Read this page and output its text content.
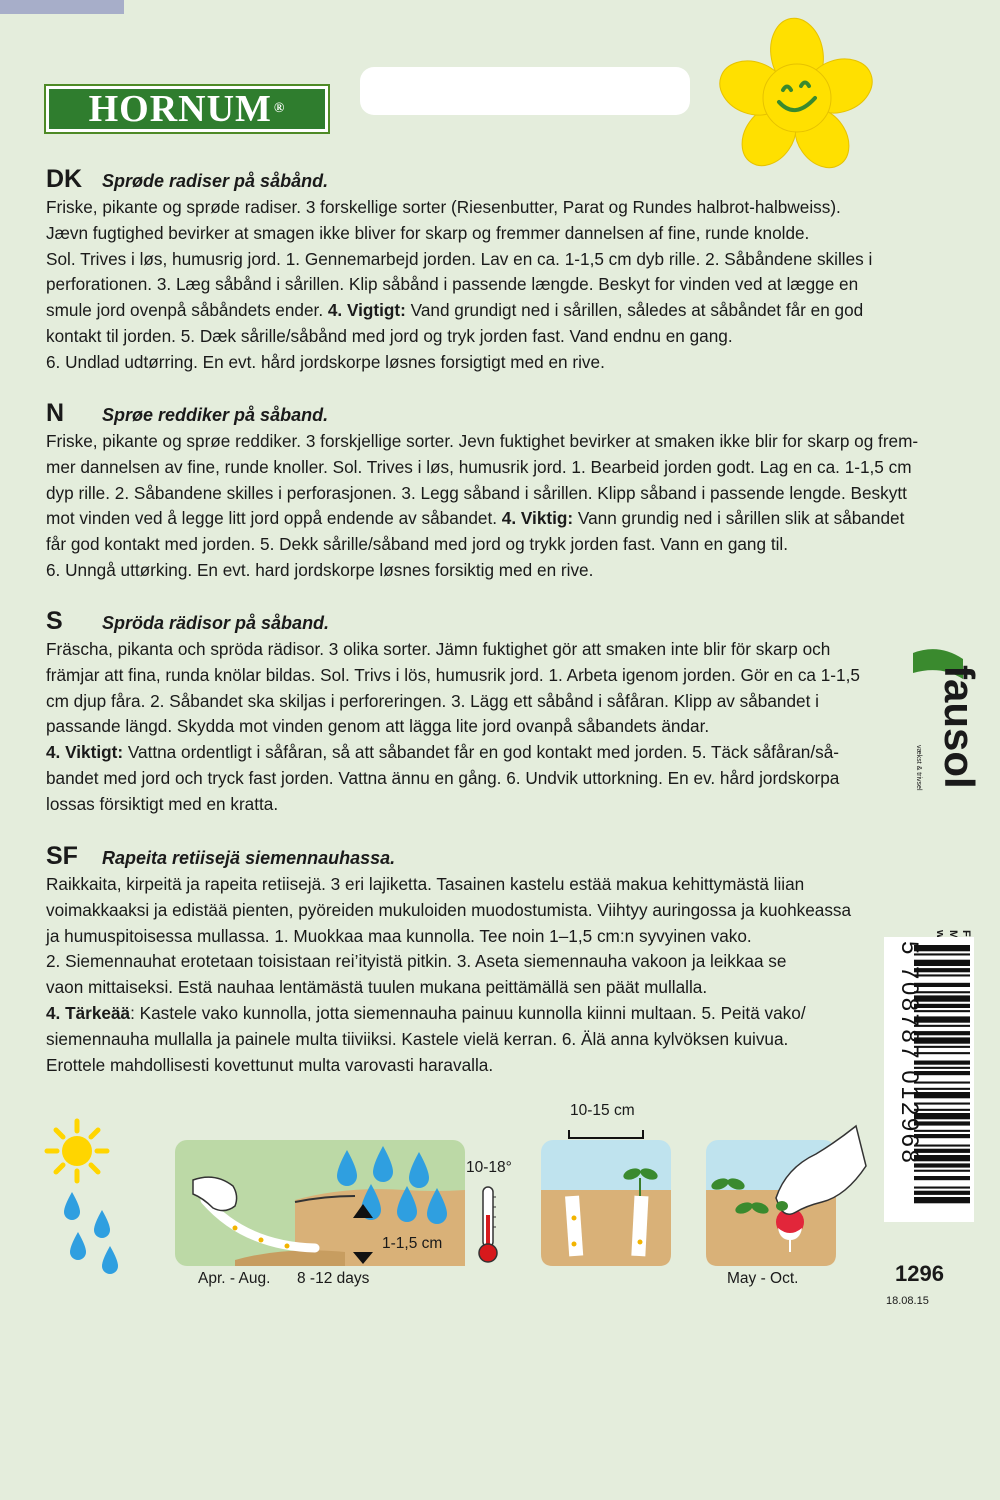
HORNUM ®
DK	Sprøde radiser på såbånd.
Friske, pikante og sprøde radiser. 3 forskellige sorter (Riesenbutter, Parat og Rundes halbrot-halbweiss).
Jævn fugtighed bevirker at smagen ikke bliver for skarp og fremmer dannelsen af fine, runde knolde.
Sol. Trives i løs, humusrig jord. 1. Gennemarbejd jorden. Lav en ca. 1-1,5 cm dyb rille. 2. Såbåndene skilles i
perforationen. 3. Læg såbånd i sårillen. Klip såbånd i passende længde. Beskyt for vinden ved at lægge en
smule jord ovenpå såbåndets ender. 4. Vigtigt: Vand grundigt ned i sårillen, således at såbåndet får en god
kontakt til jorden. 5. Dæk sårille/såbånd med jord og tryk jorden fast. Vand endnu en gang.
6. Undlad udtørring. En evt. hård jordskorpe løsnes forsigtigt med en rive.
N	Sprøe reddiker på såband.
Friske, pikante og sprøe reddiker. 3 forskjellige sorter. Jevn fuktighet bevirker at smaken ikke blir for skarp og frem-
mer dannelsen av fine, runde knoller. Sol. Trives i løs, humusrik jord. 1. Bearbeid jorden godt. Lag en ca. 1-1,5 cm
dyp rille. 2. Såbandene skilles i perforasjonen. 3. Legg såband i sårillen. Klipp såband i passende lengde. Beskytt
mot vinden ved å legge litt jord oppå endende av såbandet. 4. Viktig: Vann grundig ned i sårillen slik at såbandet
får god kontakt med jorden. 5. Dekk sårille/såband med jord og trykk jorden fast. Vann en gang til.
6. Unngå uttørking. En evt. hard jordskorpe løsnes forsiktig med en rive.
S	Spröda rädisor på såband.
Fräscha, pikanta och spröda rädisor. 3 olika sorter. Jämn fuktighet gör att smaken inte blir för skarp och
främjar att fina, runda knölar bildas. Sol. Trivs i lös, humusrik jord. 1. Arbeta igenom jorden. Gör en ca 1-1,5
cm djup fåra. 2. Såbandet ska skiljas i perforeringen. 3. Lägg ett såbånd i såfåran. Klipp av såbandet i
passande längd. Skydda mot vinden genom att lägga lite jord ovanpå såbandets ändar.
4. Viktigt: Vattna ordentligt i såfåran, så att såbandet får en god kontakt med jorden. 5. Täck såfåran/så-
bandet med jord och tryck fast jorden. Vattna ännu en gång. 6. Undvik uttorkning. En ev. hård jordskorpa
lossas försiktigt med en kratta.
SF	Rapeita retiisejä siemennauhassa.
Raikkaita, kirpeitä ja rapeita retiisejä. 3 eri lajiketta. Tasainen kastelu estää makua kehittymästä liian
voimakkaaksi ja edistää pienten, pyöreiden mukuloiden muodostumista. Viihtyy auringossa ja kuohkeassa
ja humuspitoisessa mullassa. 1. Muokkaa maa kunnolla. Tee noin 1–1,5 cm:n syvyinen vako.
2. Siemennauhat erotetaan toisistaan rei’ityistä pitkin. 3. Aseta siemennauha vakoon ja leikkaa se
vaon mittaiseksi. Estä nauhaa lentämästä tuulen mukana peittämällä sen päät mullalla.
4. Tärkeää: Kastele vako kunnolla, jotta siemennauha painuu kunnolla kiinni multaan. 5. Peitä vako/
siemennauha mullalla ja painele multa tiiviiksi. Kastele vielä kerran. 6. Älä anna kylvöksen kuivua.
Erottele mahdollisesti kovettunut multa varovasti haravalla.
fausol
vækst & trivsel
5 708787 012968
1296
18.08.15
1-1,5 cm
10-18°
Apr. - Aug. 8 -12 days
10-15 cm
May - Oct.
